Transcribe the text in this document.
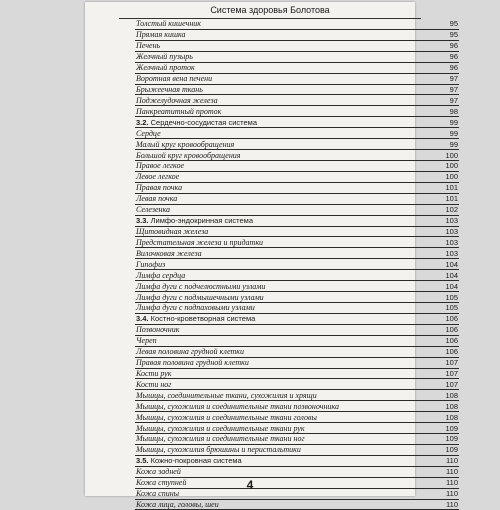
Система здоровья Болотова
Толстый кишечник	95
Прямая кишка	95
Печень	96
Желчный пузырь	96
Желчный проток	96
Воротная вена печени	97
Брыжеечная ткань	97
Поджелудочная железа	97
Панкреатитный проток	98
3.2. Сердечно-сосудистая система	99
Сердце	99
Малый круг кровообращения	99
Большой круг кровообращения	100
Правое легкое	100
Левое легкое	100
Правая почка	101
Левая почка	101
Селезенка	102
3.3. Лимфо-эндокринная система	103
Щитовидная железа	103
Предстательная железа и придатки	103
Вилочковая железа	103
Гипофиз	104
Лимфа сердца	104
Лимфа дуги с подчелюстными узлами	104
Лимфа дуги с подмышечными узлами	105
Лимфа дуги с подпаховыми узлами	105
3.4. Костно-кроветворная система	106
Позвоночник	106
Череп	106
Левая половина грудной клетки	106
Правая половина грудной клетки	107
Кости рук	107
Кости ног	107
Мышцы, соединительные ткани, сухожилия и хрящи	108
Мышцы, сухожилия и соединительные ткани позвоночника	108
Мышцы, сухожилия и соединительные ткани головы	108
Мышцы, сухожилия и соединительные ткани рук	109
Мышцы, сухожилия и соединительные ткани ног	109
Мышцы, сухожилия брюшины и перистальтики	109
3.5. Кожно-покровная система	110
Кожа задней	110
Кожа ступней	110
Кожа спины	110
Кожа лица, головы, шеи	110
4
